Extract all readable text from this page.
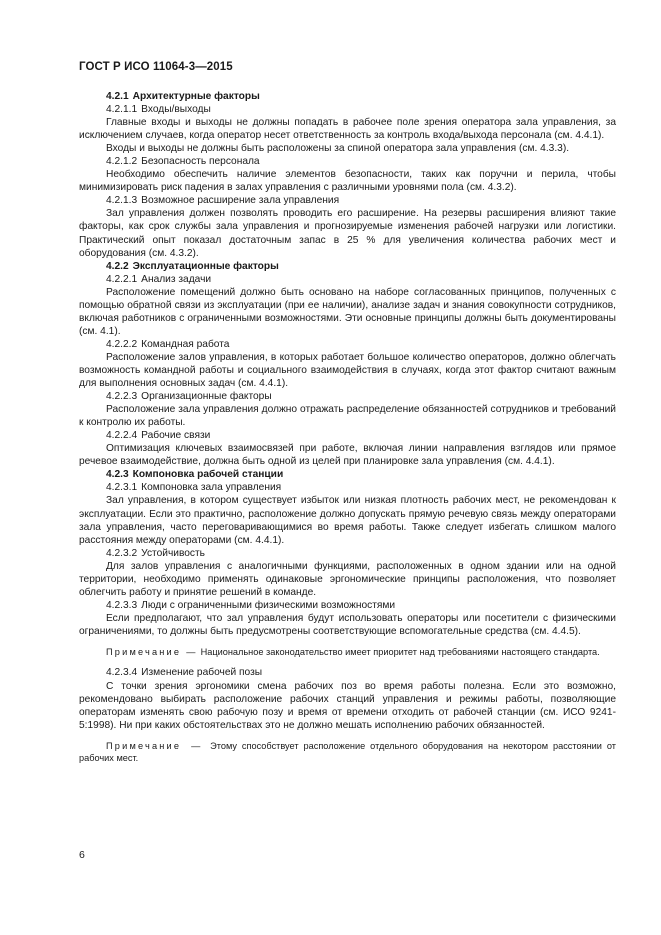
ГОСТ Р ИСО 11064-3—2015
4.2.1 Архитектурные факторы
4.2.1.1 Входы/выходы

Главные входы и выходы не должны попадать в рабочее поле зрения оператора зала управления, за исключением случаев, когда оператор несет ответственность за контроль входа/выхода персонала (см. 4.4.1).

Входы и выходы не должны быть расположены за спиной оператора зала управления (см. 4.3.3).

4.2.1.2 Безопасность персонала

Необходимо обеспечить наличие элементов безопасности, таких как поручни и перила, чтобы минимизировать риск падения в залах управления с различными уровнями пола (см. 4.3.2).

4.2.1.3 Возможное расширение зала управления

Зал управления должен позволять проводить его расширение. На резервы расширения влияют такие факторы, как срок службы зала управления и прогнозируемые изменения рабочей нагрузки или логистики. Практический опыт показал достаточным запас в 25 % для увеличения количества рабочих мест и оборудования (см. 4.3.2).

4.2.2 Эксплуатационные факторы
4.2.2.1 Анализ задачи

Расположение помещений должно быть основано на наборе согласованных принципов, полученных с помощью обратной связи из эксплуатации (при ее наличии), анализе задач и знания совокупности сотрудников, включая работников с ограниченными возможностями. Эти основные принципы должны быть документированы (см. 4.1).

4.2.2.2 Командная работа

Расположение залов управления, в которых работает большое количество операторов, должно облегчать возможность командной работы и социального взаимодействия в случаях, когда этот фактор считают важным для выполнения основных задач (см. 4.4.1).

4.2.2.3 Организационные факторы

Расположение зала управления должно отражать распределение обязанностей сотрудников и требований к контролю их работы.

4.2.2.4 Рабочие связи

Оптимизация ключевых взаимосвязей при работе, включая линии направления взглядов или прямое речевое взаимодействие, должна быть одной из целей при планировке зала управления (см. 4.4.1).

4.2.3 Компоновка рабочей станции
4.2.3.1 Компоновка зала управления

Зал управления, в котором существует избыток или низкая плотность рабочих мест, не рекомендован к эксплуатации. Если это практично, расположение должно допускать прямую речевую связь между операторами зала управления, часто переговаривающимися во время работы. Также следует избегать слишком малого расстояния между операторами (см. 4.4.1).

4.2.3.2 Устойчивость

Для залов управления с аналогичными функциями, расположенных в одном здании или на одной территории, необходимо применять одинаковые эргономические принципы расположения, что позволяет облегчить работу и принятие решений в команде.

4.2.3.3 Люди с ограниченными физическими возможностями

Если предполагают, что зал управления будут использовать операторы или посетители с физическими ограничениями, то должны быть предусмотрены соответствующие вспомогательные средства (см. 4.4.5).

Примечание — Национальное законодательство имеет приоритет над требованиями настоящего стандарта.

4.2.3.4 Изменение рабочей позы

С точки зрения эргономики смена рабочих поз во время работы полезна. Если это возможно, рекомендовано выбирать расположение рабочих станций управления и режимы работы, позволяющие операторам изменять свою рабочую позу и время от времени отходить от рабочей станции (см. ИСО 9241-5:1998). Ни при каких обстоятельствах это не должно мешать исполнению рабочих обязанностей.

Примечание — Этому способствует расположение отдельного оборудования на некотором расстоянии от рабочих мест.

6
